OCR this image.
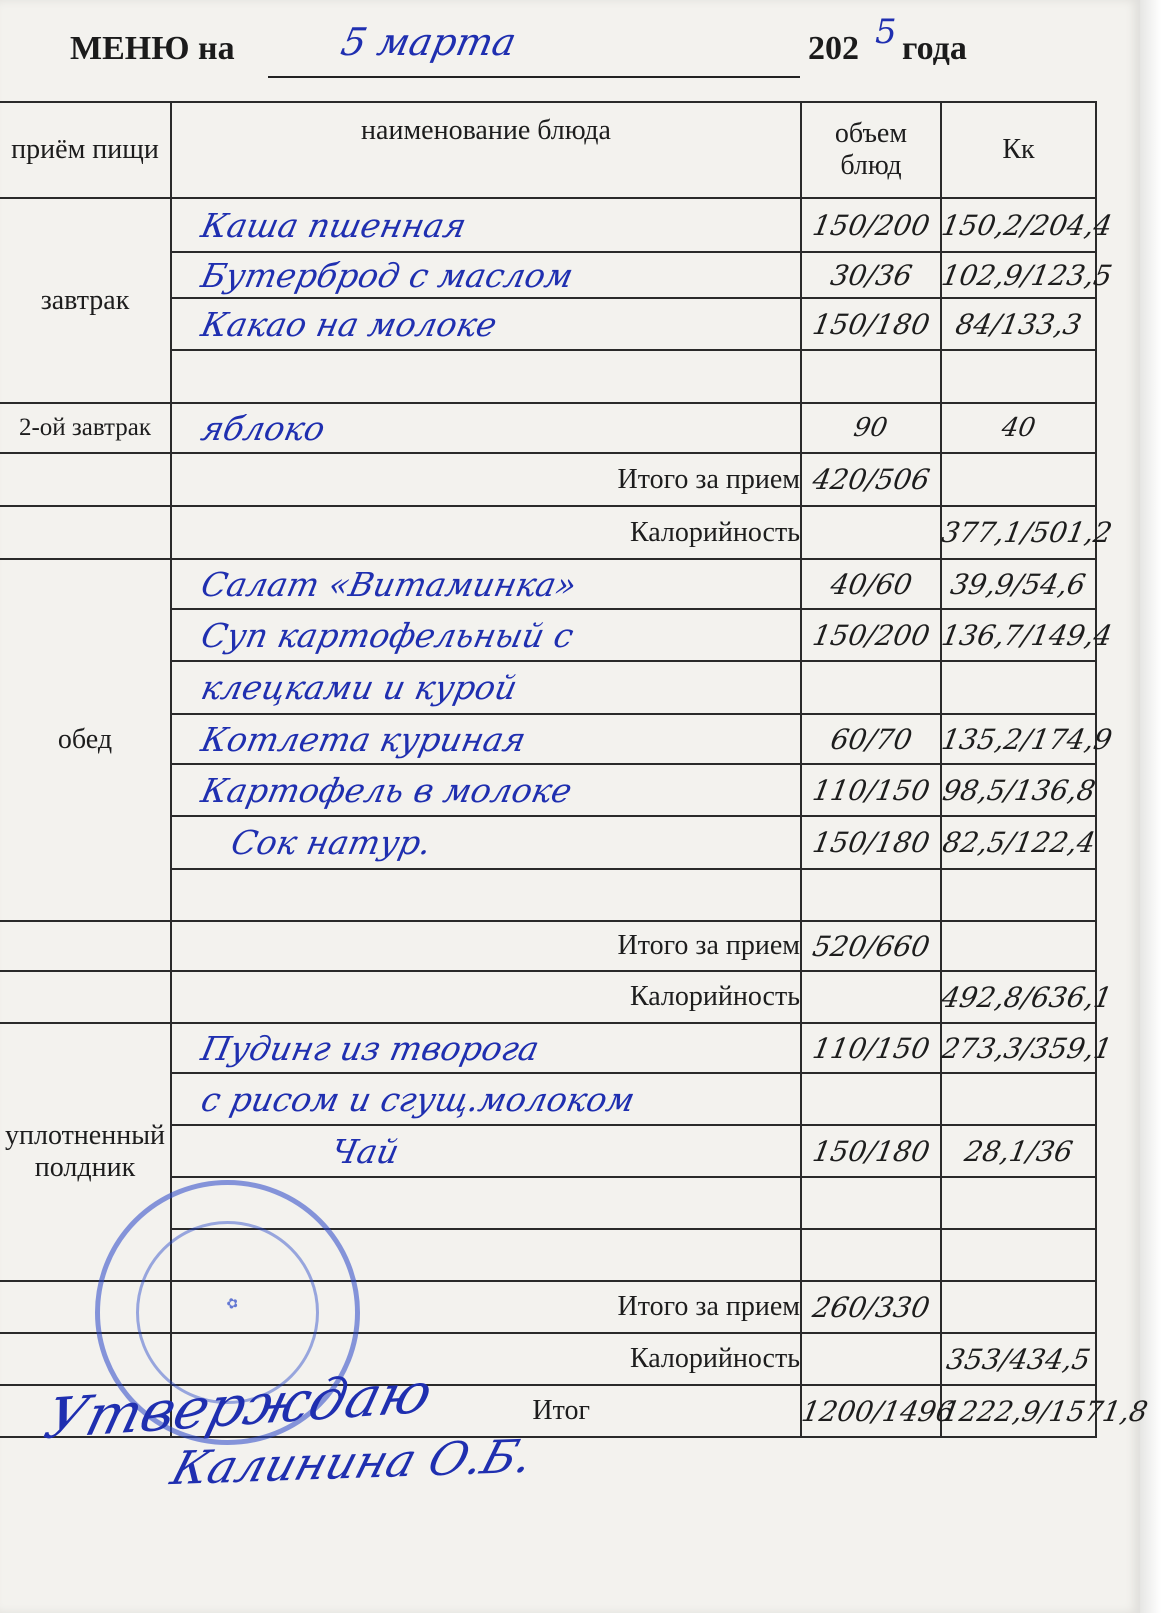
МЕНЮ на	5 марта	202 5 года
приём пищи	наименование блюда	объем блюд	Кк
завтрак	Каша пшенная	150/200	150,2/204,4
	Бутерброд с маслом	30/36	102,9/123,5
	Какао на молоке	150/180	84/133,3

2-ой завтрак	яблоко	90	40
	Итого за прием	420/506	
	Калорийность		377,1/501,2
обед	Салат «Витаминка»	40/60	39,9/54,6
	Суп картофельный с	150/200	136,7/149,4
	клецками и курой		
	Котлета куриная	60/70	135,2/174,9
	Картофель в молоке	110/150	98,5/136,8
	Сок натур.	150/180	82,5/122,4

	Итого за прием	520/660	
	Калорийность		492,8/636,1

уплотненный
полдник	Пудинг из творога	110/150	273,3/359,1
	с рисом и сгущ.молоком		
	Чай	150/180	28,1/36

	Итого за прием	260/330	
	Калорийность		353/434,5
	Итог	1200/1496	1222,9/1571,8
✿
Утверждаю
Калинина О.Б.
